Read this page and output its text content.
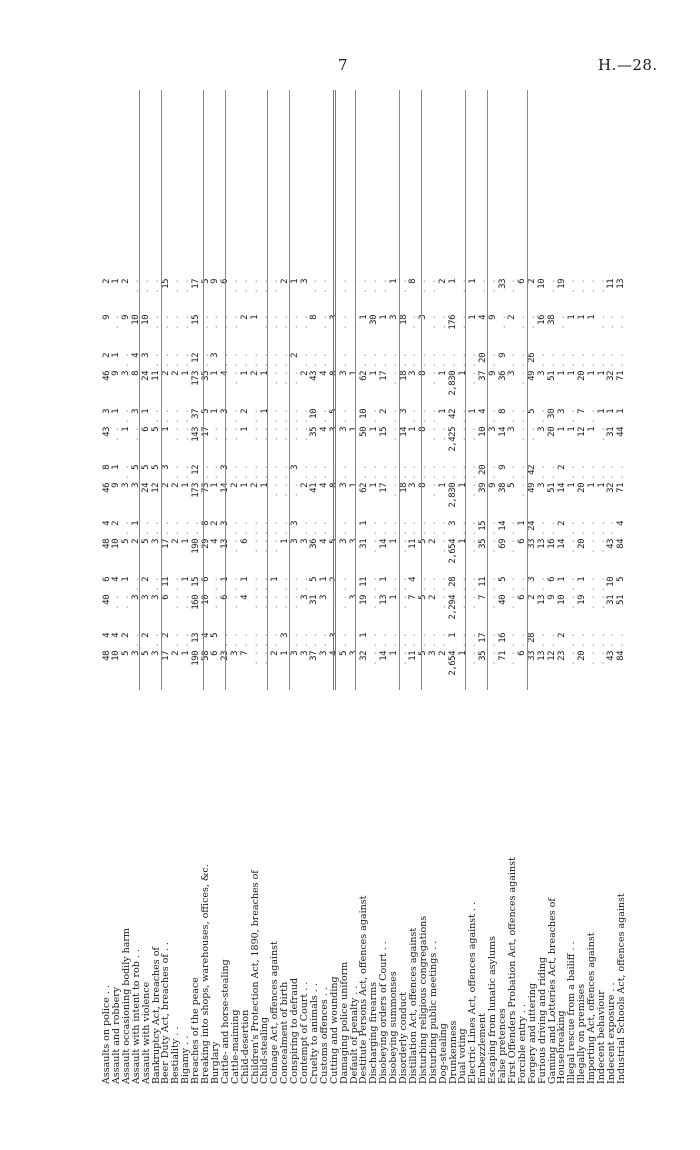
7	H.—28.
Assaults on police . .
Assault and robbery
Assault occasioning bodily harm
Assault with intent to rob . .
Assault with violence
Bankruptcy Act, breaches of
Beer Duty Act, breaches of . .
Bestiality . .
Bigamy . .
Breaches of the peace
Breaking into shops, warehouses, offices, &c.
Burglary
Cattle- and horse-stealing
Cattle-maiming
Child-desertion
Children's Protection Act, 1890, breaches of
Child-stealing
Coinage Act, offences against
Concealment of birth
Conspiring to defraud
Contempt of Court . .
Cruelty to animals . .
Customs offences . .
Cutting and wounding
Damaging police uniform
Default of penalty . .
Destitute Persons Act, offences against
Discharging firearms
Disobeying orders of Court . .
Disobeying summonses
Disorderly conduct
Distillation Act, offences against
Disturbing religious congregations
Disturbing public meetings . .
Dog-stealing
Drunkenness
Dual voting
Electric Lines Act, offences against . .
Embezzlement
Escaping from lunatic asylums
False pretences
First Offenders Probation Act, offences against
Forcible entry . .
Forgery and uttering
Furious driving and riding
Gaming and Lotteries Act, breaches of
Housebreaking
Illegal rescue from a bailiff . .
Illegally on premises
Importing Act, offences against
Indecent behaviour
Indecent exposure . .
Industrial Schools Act, offences against
48
4
40
6
48
4
46
8
43
3
46
2
9
2
10
4
. .
4
10
2
9
1
. .
1
9
1
. .
1
5
2
. .
1
5
. .
3
. .
1
. .
3
. .
9
2
3
. .
3
. .
2
1
3
5
. .
3
8
4
10
. .
5
2
3
2
5
. .
24
5
6
1
24
3
10
. .
3
. .
3
. .
3
. .
12
5
5
. .
11
. .
. .
. .
17
2
6
11
17
. .
2
3
1
. .
2
. .
. .
15
2
. .
. .
. .
2
. .
2
. .
. .
. .
2
. .
. .
. .
1
. .
. .
1
1
. .
1
. .
. .
. .
1
. .
. .
. .
190
13
160
15
190
. .
173
12
143
37
173
12
15
17
58
4
10
6
29
8
73
. .
17
5
35
. .
. .
5
6
5
. .
. .
4
2
1
. .
. .
1
1
3
. .
9
23
. .
6
1
13
3
14
3
. .
3
4
. .
. .
6
3
. .
. .
. .
. .
. .
2
. .
. .
. .
. .
. .
. .
. .
7
. .
4
1
6
. .
1
. .
1
2
1
. .
2
. .
. .
. .
. .
. .
. .
. .
2
. .
. .
. .
2
. .
1
. .
. .
. .
. .
. .
. .
. .
1
. .
. .
1
1
. .
. .
. .
2
. .
. .
1
. .
. .
. .
. .
. .
. .
. .
. .
. .
. .
1
3
. .
. .
1
. .
. .
. .
. .
. .
. .
. .
. .
2
3
. .
. .
. .
3
3
. .
3
. .
. .
. .
2
. .
1
3
. .
3
. .
3
. .
2
. .
. .
. .
2
. .
. .
3
37
. .
31
5
36
. .
41
. .
35
10
43
. .
8
. .
3
. .
3
1
4
. .
4
. .
4
. .
4
. .
. .
. .
4
3
. .
2
5
. .
8
. .
3
5
8
. .
3
. .
5
. .
. .
. .
3
. .
3
. .
3
. .
3
. .
. .
. .
3
. .
3
. .
3
. .
1
. .
1
. .
1
. .
. .
. .
32
1
19
11
31
1
62
. .
50
10
62
. .
1
. .
. .
. .
. .
. .
. .
. .
1
. .
1
. .
1
. .
30
. .
14
. .
13
1
14
. .
17
. .
15
2
17
. .
1
. .
1
. .
1
. .
1
. .
. .
. .
. .
. .
. .
. .
3
1
. .
. .
. .
. .
. .
. .
18
. .
14
3
18
. .
18
. .
11
. .
7
4
11
. .
3
. .
1
. .
3
. .
. .
8
5
. .
5
. .
5
. .
8
. .
8
. .
8
. .
3
. .
3
. .
2
. .
2
. .
. .
. .
. .
. .
. .
. .
. .
. .
2
. .
. .
. .
. .
. .
1
. .
. .
1
1
. .
. .
2
2,654
1
2,294
28
2,654
3
2,830
. .
2,425
42
2,830
. .
176
1
1
. .
. .
. .
1
. .
1
. .
. .
. .
1
. .
. .
. .
. .
. .
. .
. .
. .
. .
. .
. .
. .
1
. .
. .
1
1
35
17
7
11
35
15
39
20
10
4
37
20
4
. .
. .
. .
. .
. .
. .
. .
9
. .
3
. .
9
. .
9
. .
71
16
40
5
69
14
38
9
14
8
36
9
. .
33
. .
. .
. .
. .
. .
. .
5
. .
3
. .
3
. .
2
. .
6
. .
6
. .
6
1
. .
. .
. .
. .
. .
. .
. .
6
33
28
2
3
33
24
49
42
. .
5
49
26
. .
2
13
. .
13
. .
13
. .
3
. .
3
. .
3
. .
16
10
12
. .
9
6
16
. .
51
. .
20
30
51
. .
38
. .
23
2
10
1
14
2
14
2
1
3
1
. .
. .
19
. .
. .
. .
. .
. .
. .
1
. .
1
. .
1
. .
1
. .
20
. .
19
1
20
. .
20
. .
12
7
20
. .
1
. .
. .
. .
. .
. .
. .
. .
1
. .
1
. .
1
. .
1
. .
. .
. .
. .
. .
. .
. .
1
. .
. .
1
1
. .
. .
. .
43
. .
31
10
43
. .
32
. .
31
1
32
. .
. .
11
84
. .
51
5
84
4
71
. .
44
1
71
. .
. .
13
